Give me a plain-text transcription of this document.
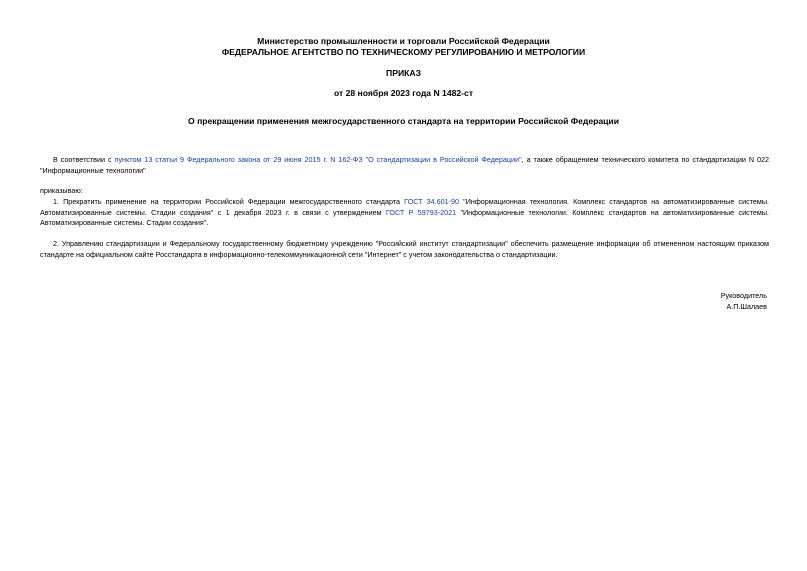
Министерство промышленности и торговли Российской Федерации
ФЕДЕРАЛЬНОЕ АГЕНТСТВО ПО ТЕХНИЧЕСКОМУ РЕГУЛИРОВАНИЮ И МЕТРОЛОГИИ
ПРИКАЗ
от 28 ноября 2023 года N 1482-ст
О прекращении применения межгосударственного стандарта на территории Российской Федерации

В соответствии с пунктом 13 статьи 9 Федерального закона от 29 июня 2015 г. N 162-ФЗ "О стандартизации в Российской Федерации", а также обращением технического комитета по стандартизации N 022 "Информационные технологии"

приказываю:

1. Прекратить применение на территории Российской Федерации межгосударственного стандарта ГОСТ 34.601-90 "Информационная технология. Комплекс стандартов на автоматизированные системы. Автоматизированные системы. Стадии создания" с 1 декабря 2023 г. в связи с утверждением ГОСТ Р 59793-2021 "Информационные технологии. Комплекс стандартов на автоматизированные системы. Автоматизированные системы. Стадии создания".

2. Управлению стандартизации и Федеральному государственному бюджетному учреждению "Российский институт стандартизации" обеспечить размещение информации об отмененном настоящим приказом стандарте на официальном сайте Росстандарта в информационно-телекоммуникационной сети "Интернет" с учетом законодательства о стандартизации.

Руководитель
А.П.Шалаев
